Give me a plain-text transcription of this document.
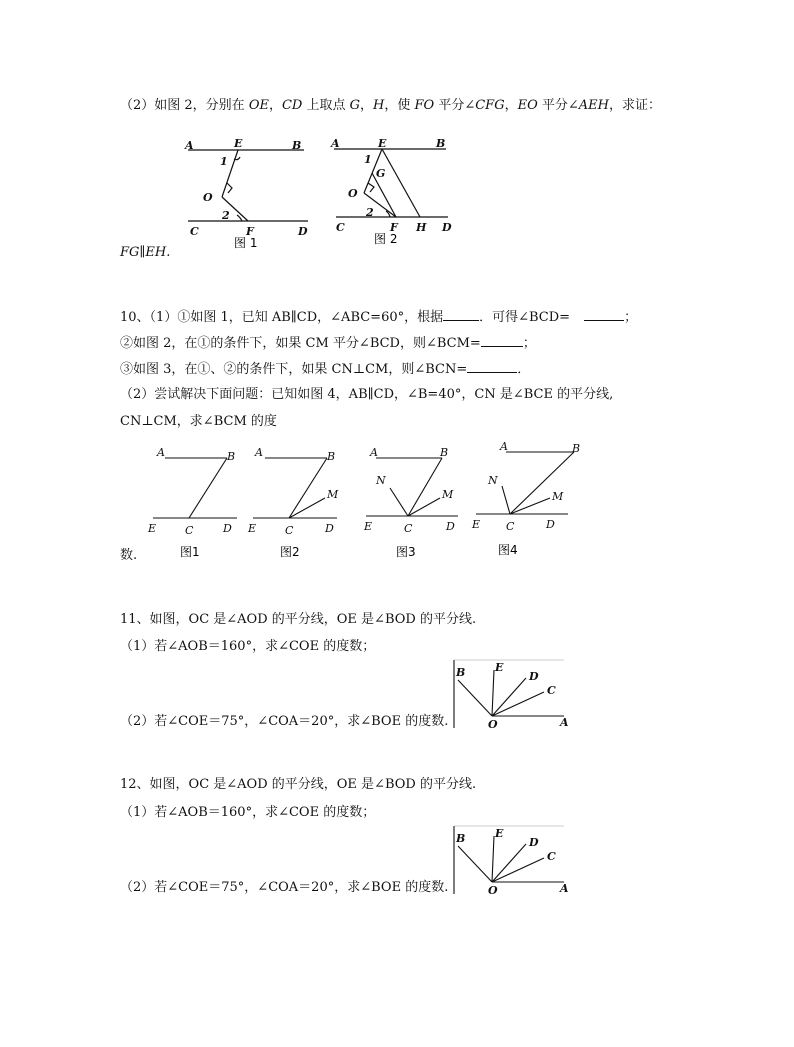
（2）如图 2，分别在 OE，CD 上取点 G，H，使 FO 平分∠CFG，EO 平分∠AEH，求证：
A	E	B
1
O
2
C	F	D
图 1
A	E	B
1
G
O
2
C	F H D
图 2
FG∥EH.
10、（1）①如图 1，已知 AB∥CD，∠ABC=60°，根据	．可得∠BCD=	；
②如图 2，在①的条件下，如果 CM 平分∠BCD，则∠BCM=	；
③如图 3，在①、②的条件下，如果 CN⊥CM，则∠BCN=	．
（2）尝试解决下面问题：已知如图 4，AB∥CD，∠B=40°，CN 是∠BCE 的平分线,
CN⊥CM，求∠BCM 的度
A	B
E	C	D
图1
A	B
M
E	C	D
图2
A	B
N
M
E	C	D
图3
A	B
N
M
E C	D
图4
数.
11、如图，OC 是∠AOD 的平分线，OE 是∠BOD 的平分线.
（1）若∠AOB＝160°，求∠COE 的度数；
（2）若∠COE＝75°，∠COA＝20°，求∠BOE 的度数.
B	E
D
C
O	A
12、如图，OC 是∠AOD 的平分线，OE 是∠BOD 的平分线.
（1）若∠AOB＝160°，求∠COE 的度数；
（2）若∠COE＝75°，∠COA＝20°，求∠BOE 的度数.
B	E
D
C
O	A
